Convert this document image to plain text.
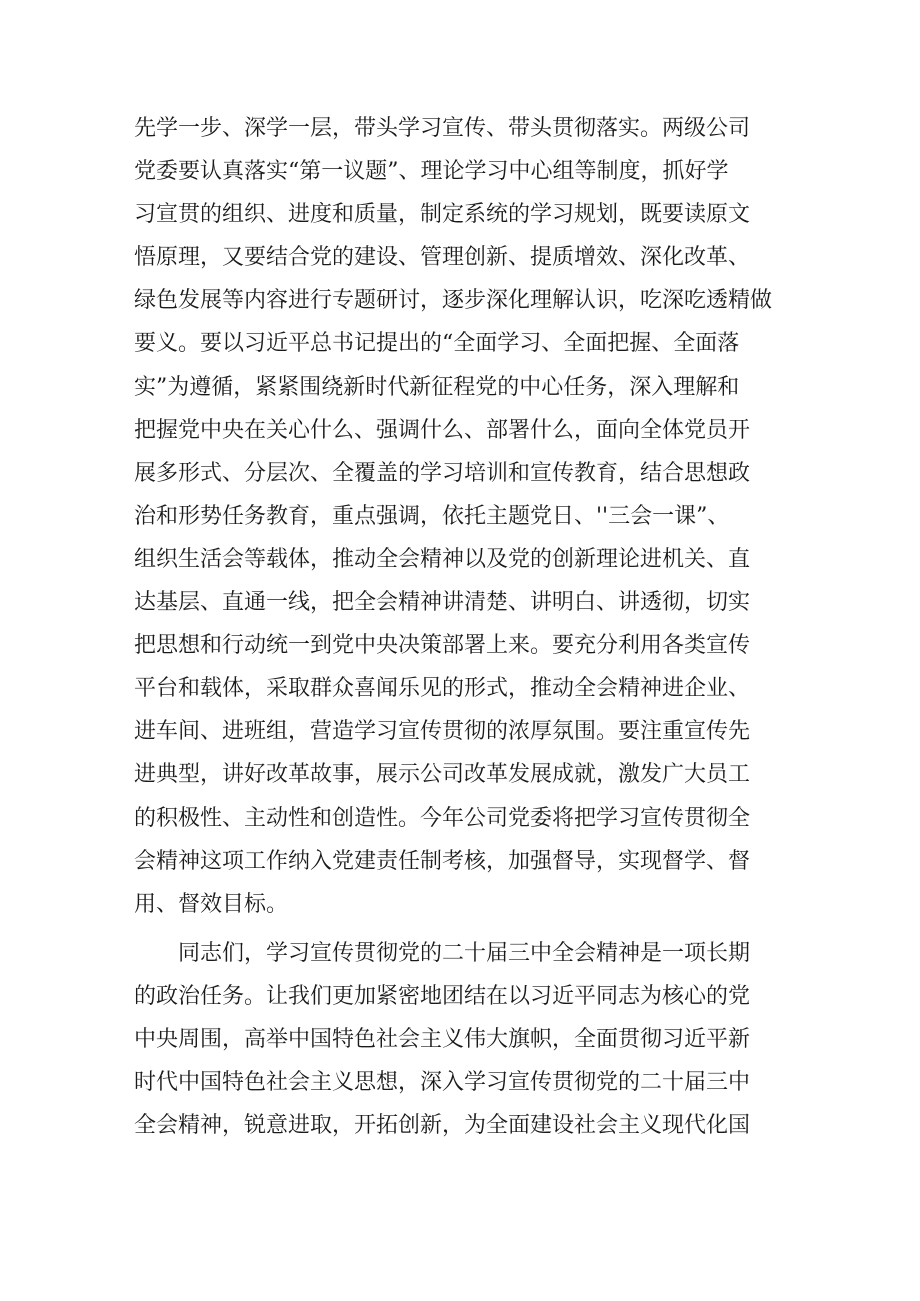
先学一步、深学一层，带头学习宣传、带头贯彻落实。两级公司
党委要认真落实“第一议题”、理论学习中心组等制度，抓好学
习宣贯的组织、进度和质量，制定系统的学习规划，既要读原文
悟原理，又要结合党的建设、管理创新、提质增效、深化改革、
绿色发展等内容进行专题研讨，逐步深化理解认识，吃深吃透精做
要义。要以习近平总书记提出的“全面学习、全面把握、全面落
实”为遵循，紧紧围绕新时代新征程党的中心任务，深入理解和
把握党中央在关心什么、强调什么、部署什么，面向全体党员开
展多形式、分层次、全覆盖的学习培训和宣传教育，结合思想政
治和形势任务教育，重点强调，依托主题党日、''三会一课”、
组织生活会等载体，推动全会精神以及党的创新理论进机关、直
达基层、直通一线，把全会精神讲清楚、讲明白、讲透彻，切实
把思想和行动统一到党中央决策部署上来。要充分利用各类宣传
平台和载体，采取群众喜闻乐见的形式，推动全会精神进企业、
进车间、进班组，营造学习宣传贯彻的浓厚氛围。要注重宣传先
进典型，讲好改革故事，展示公司改革发展成就，激发广大员工
的积极性、主动性和创造性。今年公司党委将把学习宣传贯彻全
会精神这项工作纳入党建责任制考核，加强督导，实现督学、督
用、督效目标。
同志们，学习宣传贯彻党的二十届三中全会精神是一项长期
的政治任务。让我们更加紧密地团结在以习近平同志为核心的党
中央周围，高举中国特色社会主义伟大旗帜，全面贯彻习近平新
时代中国特色社会主义思想，深入学习宣传贯彻党的二十届三中
全会精神，锐意进取，开拓创新，为全面建设社会主义现代化国
